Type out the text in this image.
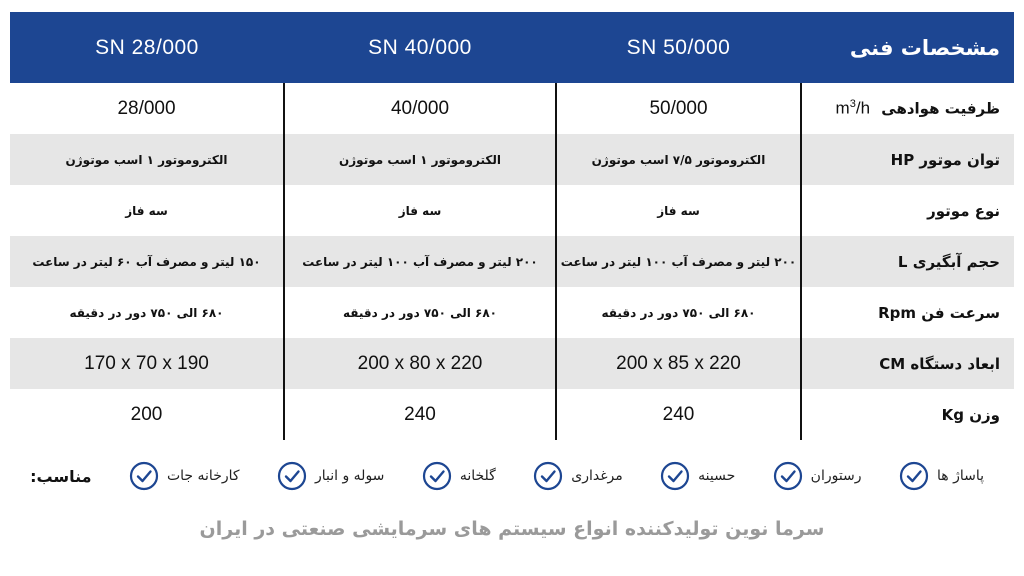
SN 28/000	SN 40/000	SN 50/000	مشخصات فنی
28/000	40/000	50/000	ظرفیت هوادهی $m^3/h$
الکتروموتور ۱ اسب موتوژن	الکتروموتور ۱ اسب موتوژن	الکتروموتور ۷/۵ اسب موتوژن	توان موتور HP
سه فاز	سه فاز	سه فاز	نوع موتور
۱۵۰ لیتر و مصرف آب ۶۰ لیتر در ساعت	۲۰۰ لیتر و مصرف آب ۱۰۰ لیتر در ساعت	۲۰۰ لیتر و مصرف آب ۱۰۰ لیتر در ساعت	حجم آبگیری L
۶۸۰ الی ۷۵۰ دور در دقیقه	۶۸۰ الی ۷۵۰ دور در دقیقه	۶۸۰ الی ۷۵۰ دور در دقیقه	سرعت فن Rpm
170 x 70 x 190	200 x 80 x 220	200 x 85 x 220	ابعاد دستگاه CM
200	240	240	وزن Kg
مناسب:	کارخانه جات	سوله و انبار	گلخانه	مرغداری	حسینه	رستوران	پاساژ ها
سرما نوین تولیدکننده انواع سیستم های سرمایشی صنعتی در ایران
